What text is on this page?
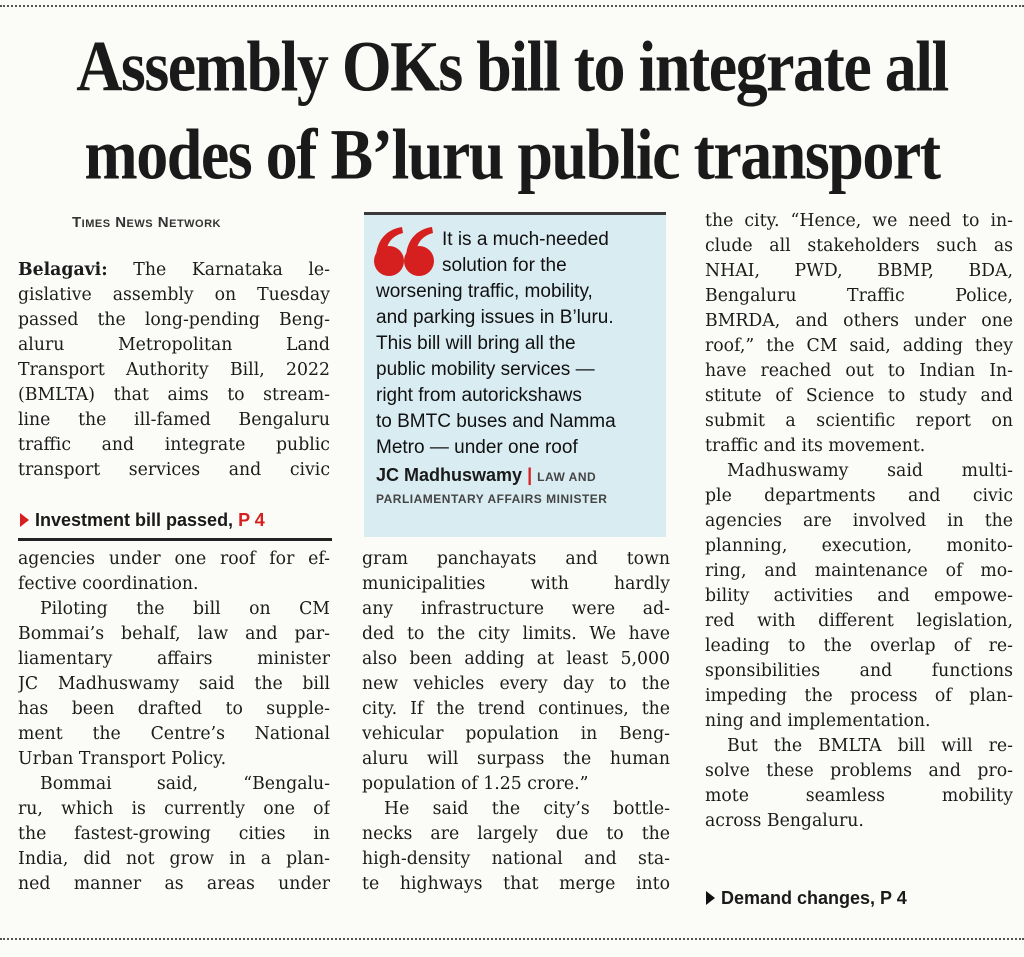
Assembly OKs bill to integrate all
modes of B’luru public transport
Times News Network
Belagavi: The Karnataka le-
gislative assembly on Tuesday
passed the long-pending Beng-
aluru Metropolitan Land
Transport Authority Bill, 2022
(BMLTA) that aims to stream-
line the ill-famed Bengaluru
traffic and integrate public
transport services and civic
Investment bill passed, P 4
agencies under one roof for ef-
fective coordination.
Piloting the bill on CM
Bommai’s behalf, law and par-
liamentary affairs minister
JC Madhuswamy said the bill
has been drafted to supple-
ment the Centre’s National
Urban Transport Policy.
Bommai said, “Bengalu-
ru, which is currently one of
the fastest-growing cities in
India, did not grow in a plan-
ned manner as areas under
It is a much-needed
solution for the
worsening traffic, mobility,
and parking issues in B’luru.
This bill will bring all the
public mobility services —
right from autorickshaws
to BMTC buses and Namma
Metro — under one roof
JC Madhuswamy | LAW AND
PARLIAMENTARY AFFAIRS MINISTER
gram panchayats and town
municipalities with hardly
any infrastructure were ad-
ded to the city limits. We have
also been adding at least 5,000
new vehicles every day to the
city. If the trend continues, the
vehicular population in Beng-
aluru will surpass the human
population of 1.25 crore.”
He said the city’s bottle-
necks are largely due to the
high-density national and sta-
te highways that merge into
the city. “Hence, we need to in-
clude all stakeholders such as
NHAI, PWD, BBMP, BDA,
Bengaluru Traffic Police,
BMRDA, and others under one
roof,” the CM said, adding they
have reached out to Indian In-
stitute of Science to study and
submit a scientific report on
traffic and its movement.
Madhuswamy said multi-
ple departments and civic
agencies are involved in the
planning, execution, monito-
ring, and maintenance of mo-
bility activities and empowe-
red with different legislation,
leading to the overlap of re-
sponsibilities and functions
impeding the process of plan-
ning and implementation.
But the BMLTA bill will re-
solve these problems and pro-
mote seamless mobility
across Bengaluru.
Demand changes, P 4
